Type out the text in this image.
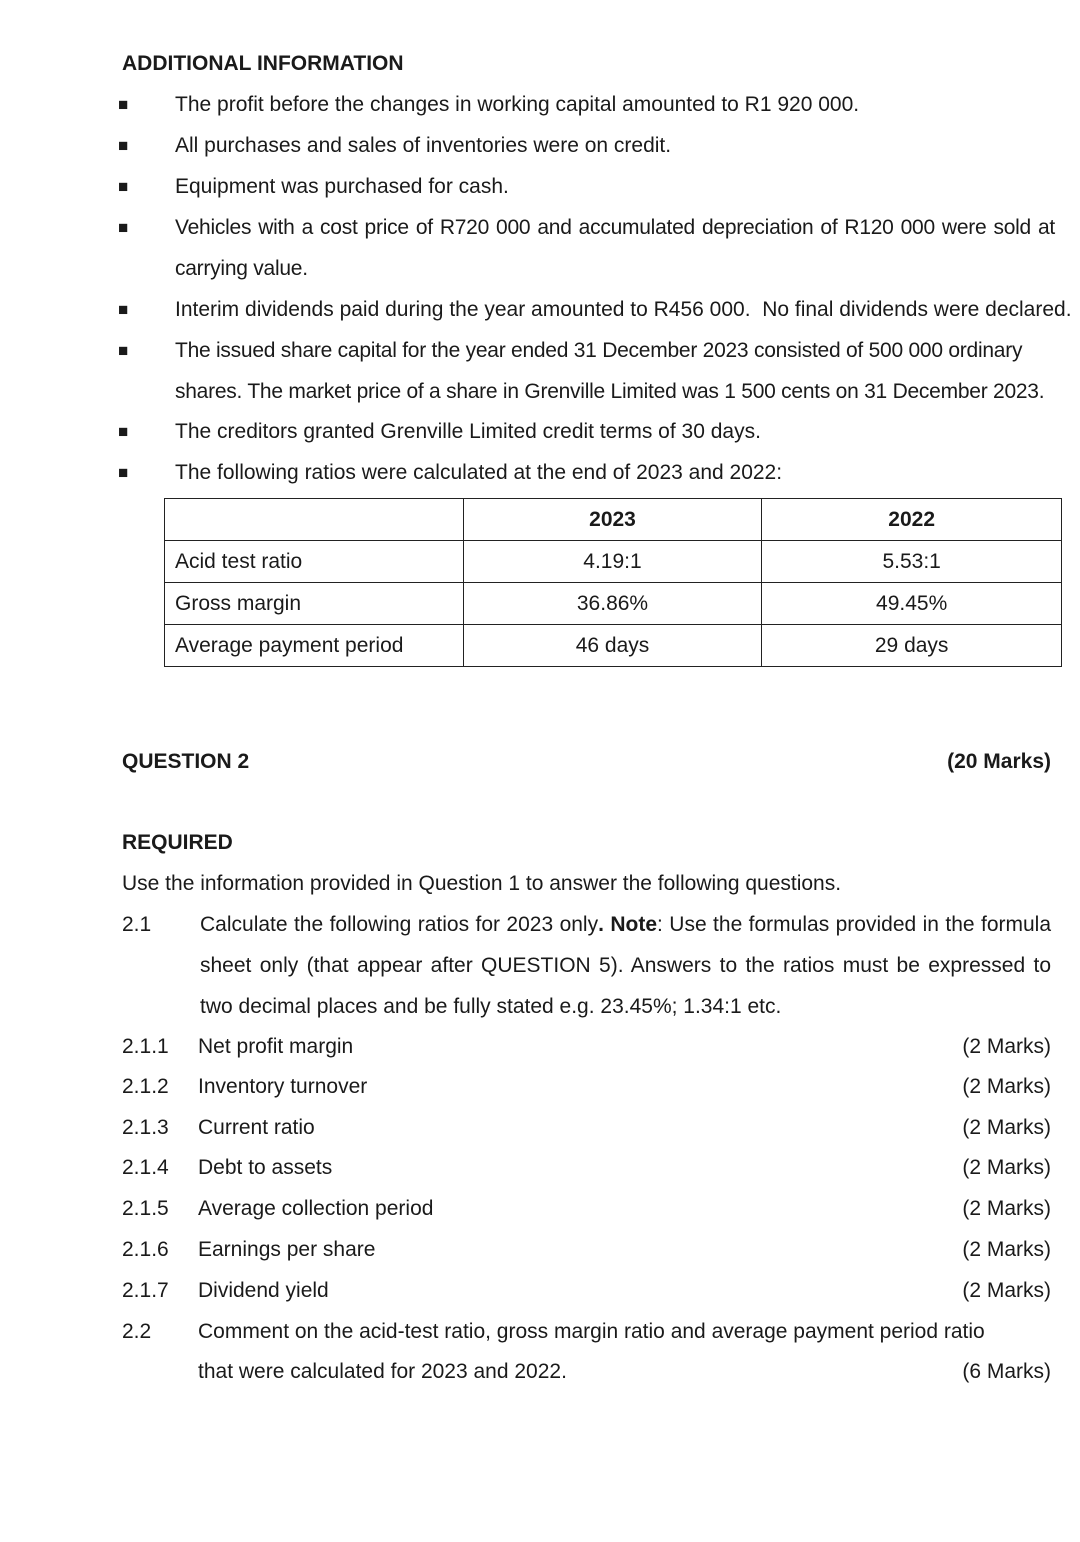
ADDITIONAL INFORMATION
■ The profit before the changes in working capital amounted to R1 920 000.
■ All purchases and sales of inventories were on credit.
■ Equipment was purchased for cash.
■ Vehicles with a cost price of R720 000 and accumulated depreciation of R120 000 were sold at carrying value.
■ Interim dividends paid during the year amounted to R456 000.  No final dividends were declared.
■ The issued share capital for the year ended 31 December 2023 consisted of 500 000 ordinary shares. The market price of a share in Grenville Limited was 1 500 cents on 31 December 2023.
■ The creditors granted Grenville Limited credit terms of 30 days.
■ The following ratios were calculated at the end of 2023 and 2022:
	2023	2022
Acid test ratio	4.19:1	5.53:1
Gross margin	36.86%	49.45%
Average payment period	46 days	29 days
QUESTION 2	(20 Marks)
REQUIRED
Use the information provided in Question 1 to answer the following questions.
2.1 Calculate the following ratios for 2023 only. Note: Use the formulas provided in the formula sheet only (that appear after QUESTION 5). Answers to the ratios must be expressed to two decimal places and be fully stated e.g. 23.45%; 1.34:1 etc.
2.1.1 Net profit margin	(2 Marks)
2.1.2 Inventory turnover	(2 Marks)
2.1.3 Current ratio	(2 Marks)
2.1.4 Debt to assets	(2 Marks)
2.1.5 Average collection period	(2 Marks)
2.1.6 Earnings per share	(2 Marks)
2.1.7 Dividend yield	(2 Marks)
2.2 Comment on the acid-test ratio, gross margin ratio and average payment period ratio
that were calculated for 2023 and 2022.	(6 Marks)
